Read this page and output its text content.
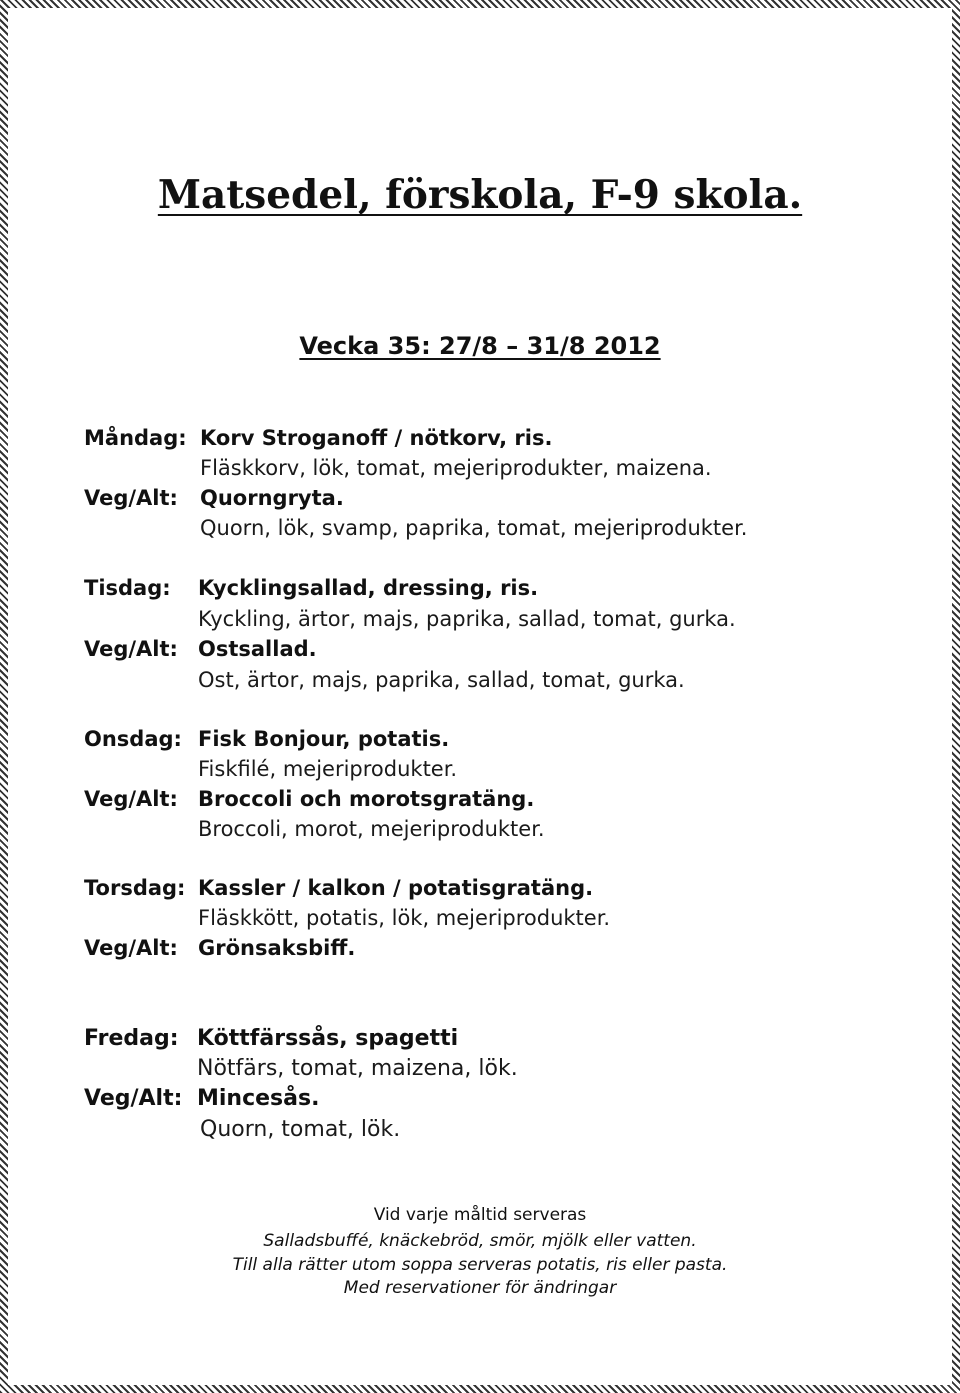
Matsedel, förskola, F-9 skola.
Vecka 35: 27/8 – 31/8 2012
Måndag: Korv Stroganoff / nötkorv, ris.
Fläskkorv, lök, tomat, mejeriprodukter, maizena.
Veg/Alt: Quorngryta.
Quorn, lök, svamp, paprika, tomat, mejeriprodukter.
Tisdag: Kycklingsallad, dressing, ris.
Kyckling, ärtor, majs, paprika, sallad, tomat, gurka.
Veg/Alt: Ostsallad.
Ost, ärtor, majs, paprika, sallad, tomat, gurka.
Onsdag: Fisk Bonjour, potatis.
Fiskfilé, mejeriprodukter.
Veg/Alt: Broccoli och morotsgratäng.
Broccoli, morot, mejeriprodukter.
Torsdag: Kassler / kalkon / potatisgratäng.
Fläskkött, potatis, lök, mejeriprodukter.
Veg/Alt: Grönsaksbiff.
Fredag: Köttfärssås, spagetti
Nötfärs, tomat, maizena, lök.
Veg/Alt: Mincesås.
Quorn, tomat, lök.
Vid varje måltid serveras
Salladsbuffé, knäckebröd, smör, mjölk eller vatten.
Till alla rätter utom soppa serveras potatis, ris eller pasta.
Med reservationer för ändringar
